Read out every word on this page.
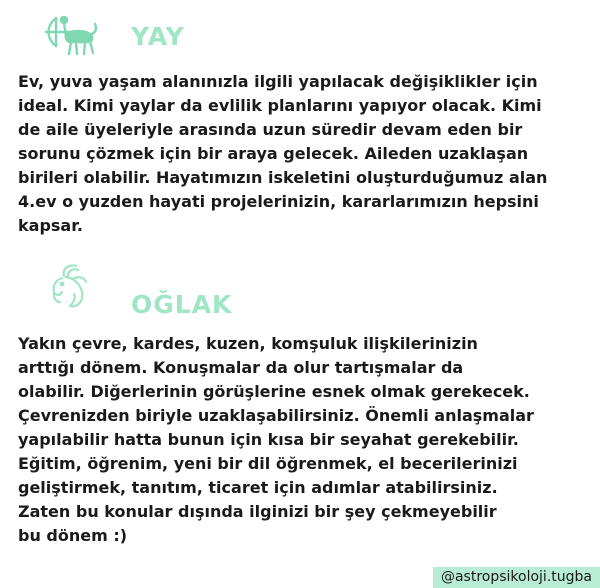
YAY
Ev, yuva yaşam alanınızla ilgili yapılacak değişiklikler için
ideal. Kimi yaylar da evlilik planlarını yapıyor olacak. Kimi
de aile üyeleriyle arasında uzun süredir devam eden bir
sorunu çözmek için bir araya gelecek. Aileden uzaklaşan
birileri olabilir. Hayatımızın iskeletini oluşturduğumuz alan
4.ev o yuzden hayati projelerinizin, kararlarımızın hepsini
kapsar.
OĞLAK
Yakın çevre, kardes, kuzen, komşuluk ilişkilerinizin
arttığı dönem. Konuşmalar da olur tartışmalar da
olabilir. Diğerlerinin görüşlerine esnek olmak gerekecek.
Çevrenizden biriyle uzaklaşabilirsiniz. Önemli anlaşmalar
yapılabilir hatta bunun için kısa bir seyahat gerekebilir.
Eğitim, öğrenim, yeni bir dil öğrenmek, el becerilerinizi
geliştirmek, tanıtım, ticaret için adımlar atabilirsiniz.
Zaten bu konular dışında ilginizi bir şey çekmeyebilir
bu dönem :)
@astropsikoloji.tugba
